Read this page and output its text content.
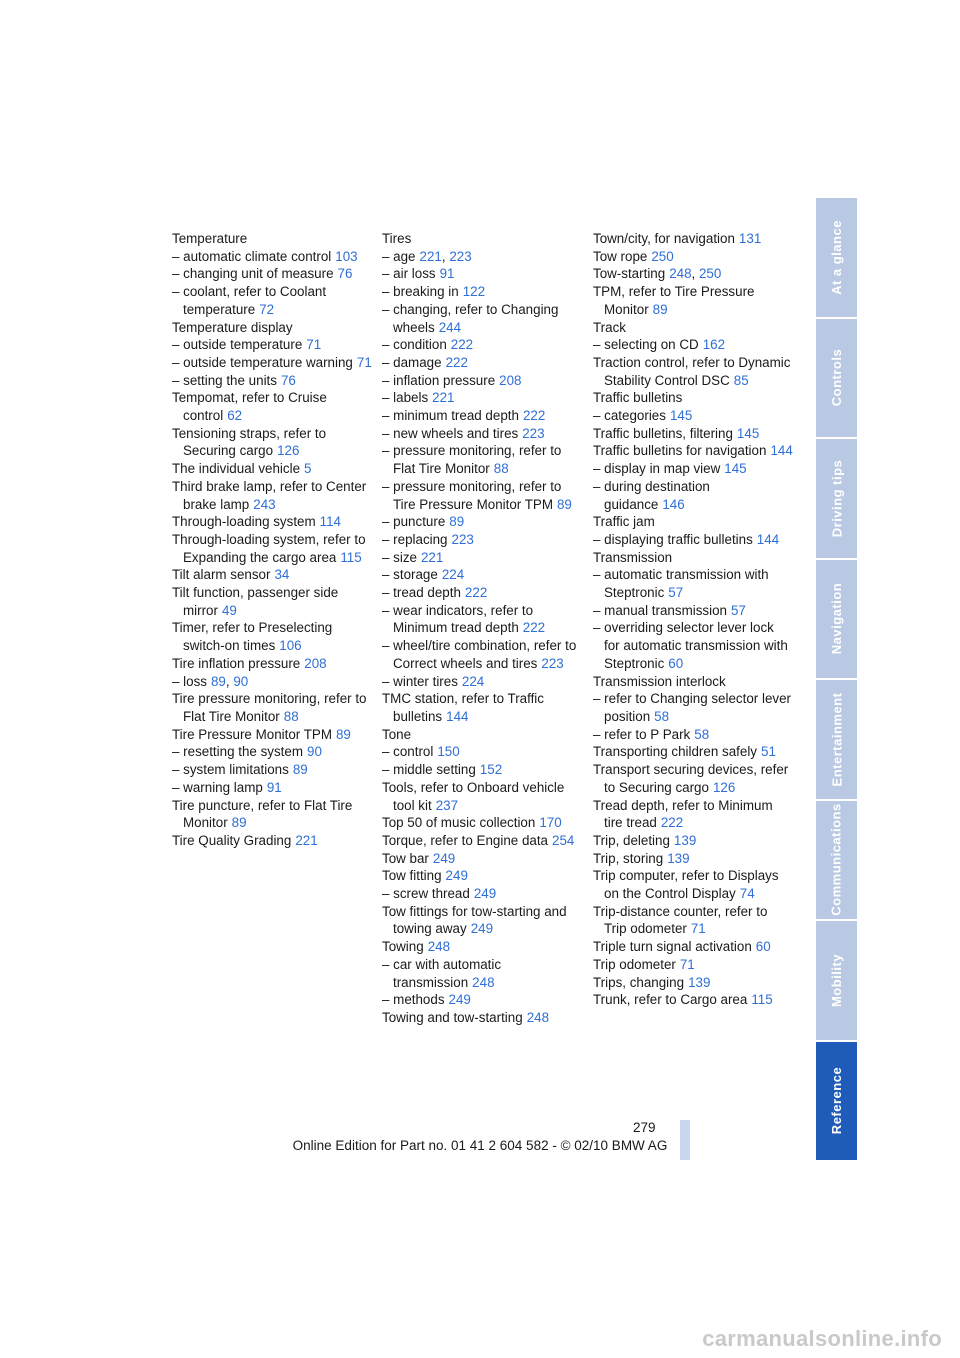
Temperature
– automatic climate control 103
– changing unit of measure 76
– coolant, refer to Coolant temperature 72
Temperature display
– outside temperature 71
– outside temperature warning 71
– setting the units 76
Tempomat, refer to Cruise control 62
Tensioning straps, refer to Securing cargo 126
The individual vehicle 5
Third brake lamp, refer to Center brake lamp 243
Through-loading system 114
Through-loading system, refer to Expanding the cargo area 115
Tilt alarm sensor 34
Tilt function, passenger side mirror 49
Timer, refer to Preselecting switch-on times 106
Tire inflation pressure 208
– loss 89, 90
Tire pressure monitoring, refer to Flat Tire Monitor 88
Tire Pressure Monitor TPM 89
– resetting the system 90
– system limitations 89
– warning lamp 91
Tire puncture, refer to Flat Tire Monitor 89
Tire Quality Grading 221
Tires
– age 221, 223
– air loss 91
– breaking in 122
– changing, refer to Changing wheels 244
– condition 222
– damage 222
– inflation pressure 208
– labels 221
– minimum tread depth 222
– new wheels and tires 223
– pressure monitoring, refer to Flat Tire Monitor 88
– pressure monitoring, refer to Tire Pressure Monitor TPM 89
– puncture 89
– replacing 223
– size 221
– storage 224
– tread depth 222
– wear indicators, refer to Minimum tread depth 222
– wheel/tire combination, refer to Correct wheels and tires 223
– winter tires 224
TMC station, refer to Traffic bulletins 144
Tone
– control 150
– middle setting 152
Tools, refer to Onboard vehicle tool kit 237
Top 50 of music collection 170
Torque, refer to Engine data 254
Tow bar 249
Tow fitting 249
– screw thread 249
Tow fittings for tow-starting and towing away 249
Towing 248
– car with automatic transmission 248
– methods 249
Towing and tow-starting 248
Town/city, for navigation 131
Tow rope 250
Tow-starting 248, 250
TPM, refer to Tire Pressure Monitor 89
Track
– selecting on CD 162
Traction control, refer to Dynamic Stability Control DSC 85
Traffic bulletins
– categories 145
Traffic bulletins, filtering 145
Traffic bulletins for navigation 144
– display in map view 145
– during destination guidance 146
Traffic jam
– displaying traffic bulletins 144
Transmission
– automatic transmission with Steptronic 57
– manual transmission 57
– overriding selector lever lock for automatic transmission with Steptronic 60
Transmission interlock
– refer to Changing selector lever position 58
– refer to P Park 58
Transporting children safely 51
Transport securing devices, refer to Securing cargo 126
Tread depth, refer to Minimum tire tread 222
Trip, deleting 139
Trip, storing 139
Trip computer, refer to Displays on the Control Display 74
Trip-distance counter, refer to Trip odometer 71
Triple turn signal activation 60
Trip odometer 71
Trips, changing 139
Trunk, refer to Cargo area 115
At a glance
Controls
Driving tips
Navigation
Entertainment
Communications
Mobility
Reference
279
Online Edition for Part no. 01 41 2 604 582 - © 02/10 BMW AG
carmanualsonline.info
